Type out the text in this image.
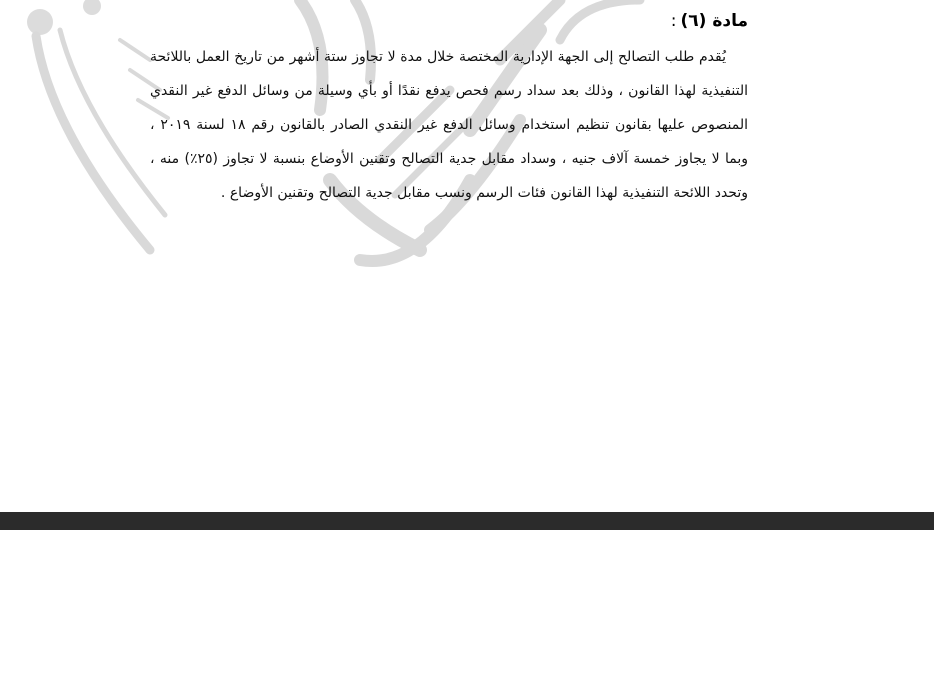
مادة (٦):

يُقدم طلب التصالح إلى الجهة الإدارية المختصة خلال مدة لا تجاوز ستة أشهر من تاريخ العمل باللائحة التنفيذية لهذا القانون ، وذلك بعد سداد رسم فحص يدفع نقدًا أو بأي وسيلة من وسائل الدفع غير النقدي المنصوص عليها بقانون تنظيم استخدام وسائل الدفع غير النقدي الصادر بالقانون رقم ١٨ لسنة ٢٠١٩ ، وبما لا يجاوز خمسة آلاف جنيه ، وسداد مقابل جدية التصالح وتقنين الأوضاع بنسبة لا تجاوز (٢٥٪) منه ، وتحدد اللائحة التنفيذية لهذا القانون فئات الرسم ونسب مقابل جدية التصالح وتقنين الأوضاع .
